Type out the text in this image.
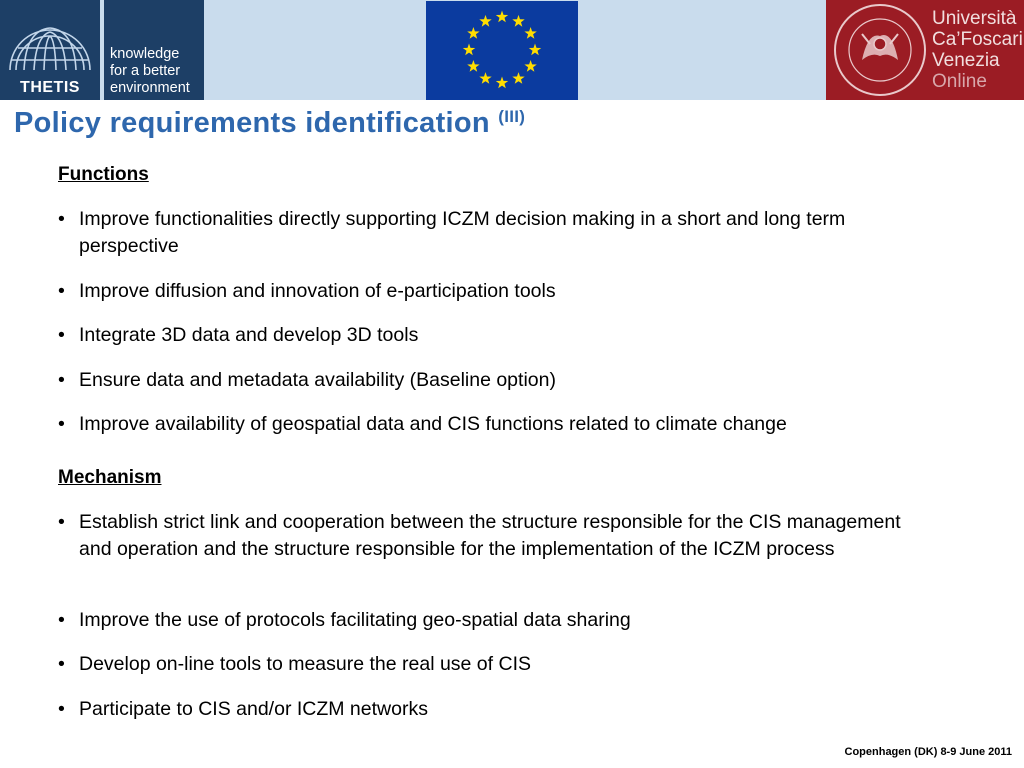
THETIS
knowledge
for a better
environment
Università
Ca’Foscari
Venezia
Online
Policy requirements identification $^{(III)}$
Functions
• Improve functionalities directly supporting ICZM decision making in a short and long term perspective
• Improve diffusion and innovation of e-participation tools
• Integrate 3D data and develop 3D tools
• Ensure data and metadata availability (Baseline option)
• Improve availability of geospatial data and CIS functions related to climate change
Mechanism
• Establish strict link and cooperation between the structure responsible for the CIS management and operation and the structure responsible for the implementation of the ICZM process
• Improve the use of protocols facilitating geo-spatial data sharing
• Develop on-line tools to measure the real use of CIS
• Participate to CIS and/or ICZM networks
Copenhagen (DK) 8-9 June 2011
